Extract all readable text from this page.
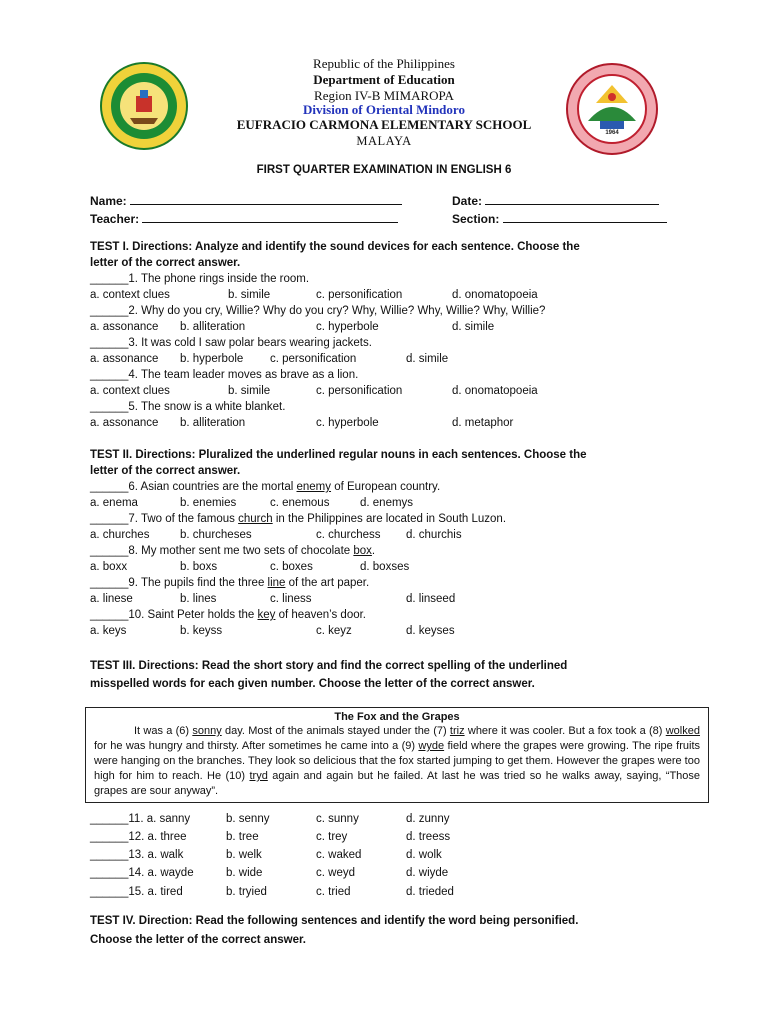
1964
Republic of the Philippines
Department of Education
Region IV-B MIMAROPA
Division of Oriental Mindoro
EUFRACIO CARMONA ELEMENTARY SCHOOL
MALAYA
FIRST QUARTER EXAMINATION IN ENGLISH 6
Name:	Date:
Teacher:	Section:
TEST I. Directions: Analyze and identify the sound devices for each sentence. Choose the
letter of the correct answer.
______1. The phone rings inside the room.
a. context clues	b. simile	c. personification	d. onomatopoeia
______2. Why do you cry, Willie? Why do you cry? Why, Willie? Why, Willie? Why, Willie?
a. assonance b. alliteration	c. hyperbole	d. simile
______3. It was cold I saw polar bears wearing jackets.
a. assonance b. hyperbole c. personification	d. simile
______4. The team leader moves as brave as a lion.
a. context clues	b. simile	c. personification	d. onomatopoeia
______5. The snow is a white blanket.
a. assonance b. alliteration	c. hyperbole	d. metaphor
TEST II. Directions: Pluralized the underlined regular nouns in each sentences. Choose the
letter of the correct answer.
______6. Asian countries are the mortal enemy of European country.
a. enema	b. enemies	c. enemous	d. enemys
______7. Two of the famous church in the Philippines are located in South Luzon.
a. churches	b. churcheses	c. churchess d. churchis
______8. My mother sent me two sets of chocolate box.
a. boxx	b. boxs	c. boxes	d. boxses
______9. The pupils find the three line of the art paper.
a. linese	b. lines	c. liness	d. linseed
______10. Saint Peter holds the key of heaven’s door.
a. keys	b. keyss	c. keyz	d. keyses
TEST III. Directions: Read the short story and find the correct spelling of the underlined
misspelled words for each given number. Choose the letter of the correct answer.
The Fox and the Grapes

It was a (6) sonny day. Most of the animals stayed under the (7) triz where it was cooler. But a fox took a (8) wolked for he was hungry and thirsty. After sometimes he came into a (9) wyde field where the grapes were growing. The ripe fruits were hanging on the branches. They look so delicious that the fox started jumping to get them. However the grapes were too high for him to reach. He (10) tryd again and again but he failed. At last he was tried so he walks away, saying, “Those grapes are sour anyway”.

______11. a. sanny	b. senny	c. sunny	d. zunny
______12. a. three	b. tree	c. trey	d. treess
______13. a. walk	b. welk	c. waked	d. wolk
______14. a. wayde	b. wide	c. weyd	d. wiyde
______15. a. tired	b. tryied	c. tried	d. trieded
TEST IV. Direction: Read the following sentences and identify the word being personified.
Choose the letter of the correct answer.
